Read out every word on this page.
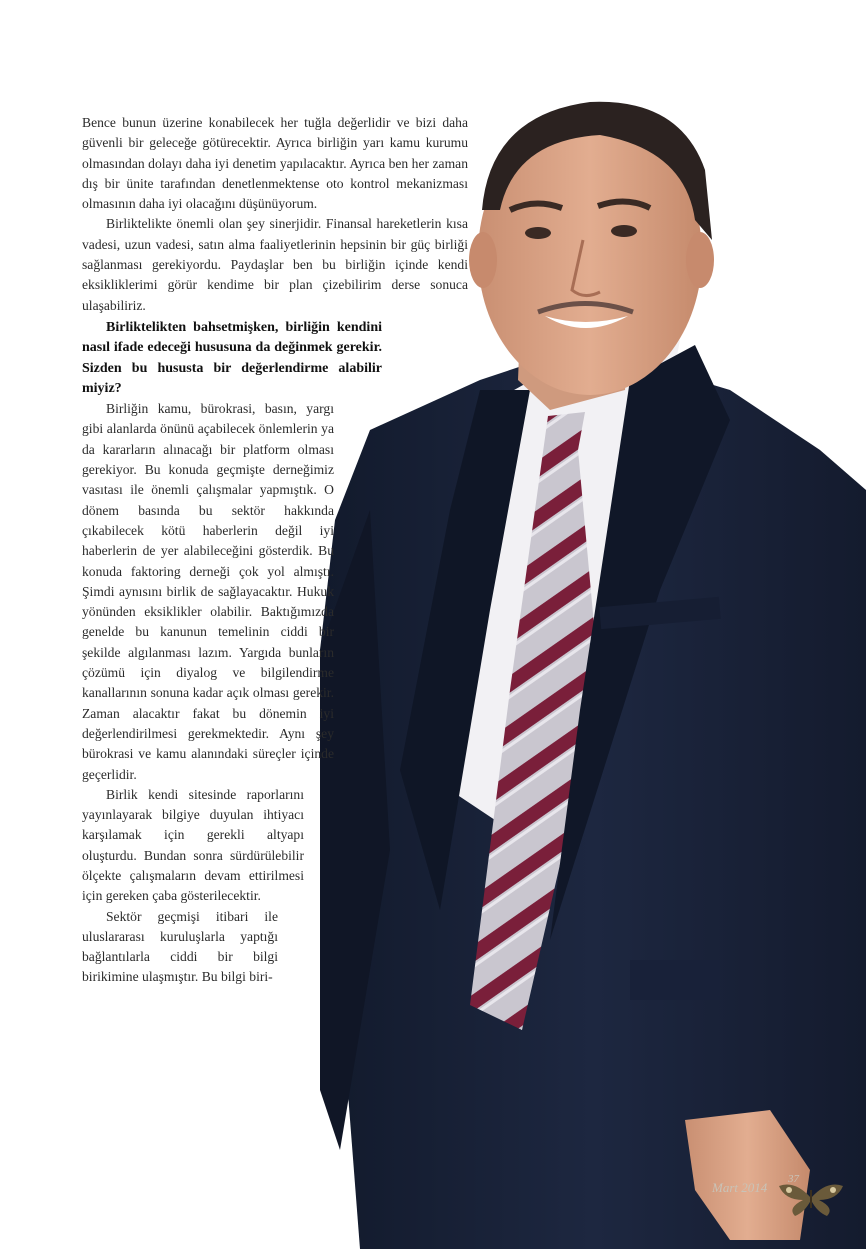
Bence bunun üzerine konabilecek her tuğla değerlidir ve bizi daha güvenli bir geleceğe götürecektir. Ayrıca birliğin yarı kamu kurumu olmasından dolayı daha iyi denetim yapılacaktır. Ayrıca ben her zaman dış bir ünite tarafından denetlenmektense oto kontrol mekanizması olmasının daha iyi olacağını düşünüyorum.

Birliktelikte önemli olan şey sinerjidir. Finansal hareketlerin kısa vadesi, uzun vadesi, satın alma faaliyetlerinin hepsinin bir güç birliği sağlanması gerekiyordu. Paydaşlar ben bu birliğin içinde kendi eksikliklerimi görür kendime bir plan çizebilirim derse sonuca ulaşabiliriz.

Birliktelikten bahsetmişken, birliğin kendini nasıl ifade edeceği hususuna da değinmek gerekir. Sizden bu hususta bir değerlendirme alabilir miyiz?

Birliğin kamu, bürokrasi, basın, yargı gibi alanlarda önünü açabilecek önlemlerin ya da kararların alınacağı bir platform olması gerekiyor. Bu konuda geçmişte derneğimiz vasıtası ile önemli çalışmalar yapmıştık. O dönem basında bu sektör hakkında çıkabilecek kötü haberlerin değil iyi haberlerin de yer alabileceğini gösterdik. Bu konuda faktoring derneği çok yol almıştı. Şimdi aynısını birlik de sağlayacaktır. Hukuk yönünden eksiklikler olabilir. Baktığımızda genelde bu kanunun temelinin ciddi bir şekilde algılanması lazım. Yargıda bunların çözümü için diyalog ve bilgilendirme kanallarının sonuna kadar açık olması gerekir. Zaman alacaktır fakat bu dönemin iyi değerlendirilmesi gerekmektedir. Aynı şey bürokrasi ve kamu alanındaki süreçler içinde geçerlidir.

Birlik kendi sitesinde raporlarını yayınlayarak bilgiye duyulan ihtiyacı karşılamak için gerekli altyapı oluşturdu. Bundan sonra sürdürülebilir ölçekte çalışmaların devam ettirilmesi için gereken çaba gösterilecektir.

Sektör geçmişi itibari ile uluslararası kuruluşlarla yaptığı bağlantılarla ciddi bir bilgi birikimine ulaşmıştır. Bu bilgi biri-

37
Mart 2014
